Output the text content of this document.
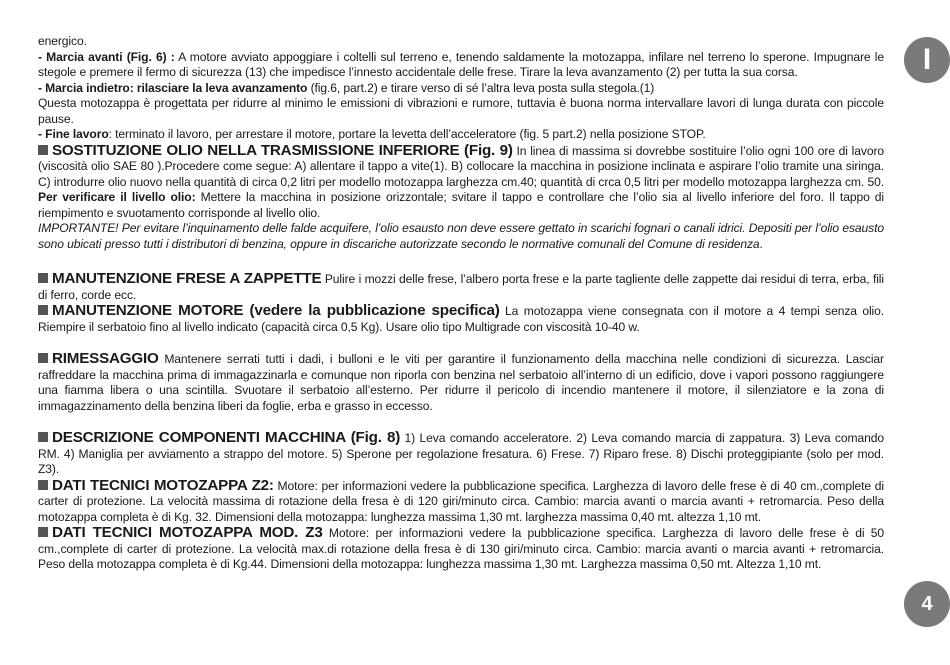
energico.

- Marcia avanti (Fig. 6) : A motore avviato appoggiare i coltelli sul terreno e, tenendo saldamente la motozappa, infilare nel terreno lo sperone. Impugnare le stegole e premere il fermo di sicurezza (13) che impedisce l’innesto accidentale delle frese. Tirare la leva avanzamento (2) per tutta la sua corsa.

- Marcia indietro: rilasciare la leva avanzamento (fig.6, part.2) e tirare verso di sé l’altra leva posta sulla stegola.(1)

Questa motozappa è progettata per ridurre al minimo le emissioni di vibrazioni e rumore, tuttavia è buona norma intervallare lavori di lunga durata con piccole pause.

- Fine lavoro: terminato il lavoro, per arrestare il motore, portare la levetta dell’acceleratore (fig. 5 part.2) nella posizione STOP.

SOSTITUZIONE OLIO NELLA TRASMISSIONE INFERIORE (Fig. 9) In linea di massima si dovrebbe sostituire l’olio ogni 100 ore di lavoro (viscosità olio SAE 80 ).Procedere come segue: A) allentare il tappo a vite(1). B) collocare la macchina in posizione inclinata e aspirare l’olio tramite una siringa. C) introdurre olio nuovo nella quantità di circa 0,2 litri per modello motozappa larghezza cm.40; quantità di crca 0,5 litri per modello motozappa larghezza cm. 50. Per verificare il livello olio: Mettere la macchina in posizione orizzontale; svitare il tappo e controllare che l’olio sia al livello inferiore del foro. Il tappo di riempimento e svuotamento corrisponde al livello olio.

IMPORTANTE! Per evitare l’inquinamento delle falde acquifere, l’olio esausto non deve essere gettato in scarichi fognari o canali idrici. Depositi per l’olio esausto sono ubicati presso tutti i distributori di benzina, oppure in discariche autorizzate secondo le normative comunali del Comune di residenza.

MANUTENZIONE FRESE A ZAPPETTE Pulire i mozzi delle frese, l’albero porta frese e la parte tagliente delle zappette dai residui di terra, erba, fili di ferro, corde ecc.

MANUTENZIONE MOTORE (vedere la pubblicazione specifica) La motozappa viene consegnata con il motore a 4 tempi senza olio. Riempire il serbatoio fino al livello indicato (capacità circa 0,5 Kg). Usare olio tipo Multigrade con viscosità 10-40 w.

RIMESSAGGIO Mantenere serrati tutti i dadi, i bulloni e le viti per garantire il funzionamento della macchina nelle condizioni di sicurezza. Lasciar raffreddare la macchina prima di immagazzinarla e comunque non riporla con benzina nel serbatoio all’interno di un edificio, dove i vapori possono raggiungere una fiamma libera o una scintilla. Svuotare il serbatoio all’esterno. Per ridurre il pericolo di incendio mantenere il motore, il silenziatore e la zona di immagazzinamento della benzina liberi da foglie, erba e grasso in eccesso.

DESCRIZIONE COMPONENTI MACCHINA (Fig. 8) 1) Leva comando acceleratore. 2) Leva comando marcia di zappatura. 3) Leva comando RM. 4) Maniglia per avviamento a strappo del motore. 5) Sperone per regolazione fresatura. 6) Frese. 7) Riparo frese. 8) Dischi proteggipiante (solo per mod. Z3).

DATI TECNICI MOTOZAPPA Z2: Motore: per informazioni vedere la pubblicazione specifica. Larghezza di lavoro delle frese è di 40 cm.,complete di carter di protezione. La velocità massima di rotazione della fresa è di 120 giri/minuto circa. Cambio: marcia avanti o marcia avanti + retromarcia. Peso della motozappa completa è di Kg. 32. Dimensioni della motozappa: lunghezza massima 1,30 mt. larghezza massima 0,40 mt. altezza 1,10 mt.

DATI TECNICI MOTOZAPPA MOD. Z3 Motore: per informazioni vedere la pubblicazione specifica. Larghezza di lavoro delle frese è di 50 cm.,complete di carter di protezione. La velocità max.di rotazione della fresa è di 130 giri/minuto circa. Cambio: marcia avanti o marcia avanti + retromarcia. Peso della motozappa completa è di Kg.44. Dimensioni della motozappa: lunghezza massima 1,30 mt. Larghezza massima 0,50 mt. Altezza 1,10 mt.

I
4
